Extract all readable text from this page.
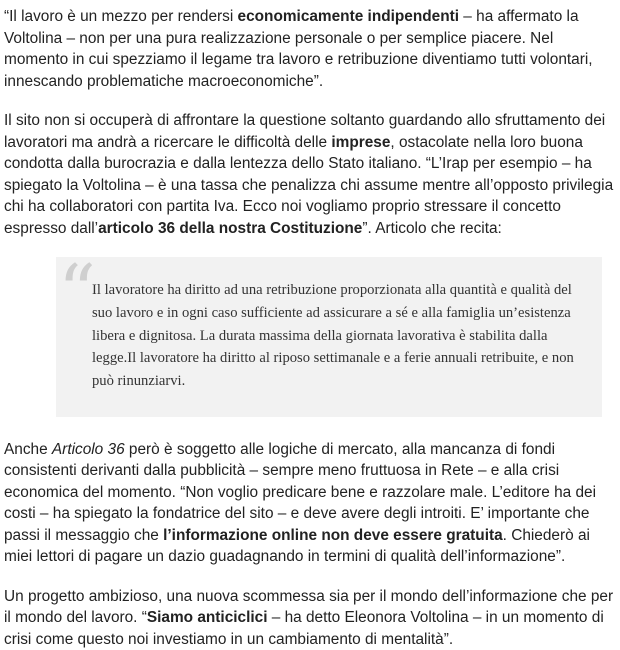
“Il lavoro è un mezzo per rendersi economicamente indipendenti – ha affermato la Voltolina – non per una pura realizzazione personale o per semplice piacere. Nel momento in cui spezziamo il legame tra lavoro e retribuzione diventiamo tutti volontari, innescando problematiche macroeconomiche”.

Il sito non si occuperà di affrontare la questione soltanto guardando allo sfruttamento dei lavoratori ma andrà a ricercare le difficoltà delle imprese, ostacolate nella loro buona condotta dalla burocrazia e dalla lentezza dello Stato italiano. “L’Irap per esempio – ha spiegato la Voltolina – è una tassa che penalizza chi assume mentre all’opposto privilegia chi ha collaboratori con partita Iva. Ecco noi vogliamo proprio stressare il concetto espresso dall’articolo 36 della nostra Costituzione”. Articolo che recita:

“

Il lavoratore ha diritto ad una retribuzione proporzionata alla quantità e qualità del suo lavoro e in ogni caso sufficiente ad assicurare a sé e alla famiglia un’esistenza libera e dignitosa. La durata massima della giornata lavorativa è stabilita dalla legge.Il lavoratore ha diritto al riposo settimanale e a ferie annuali retribuite, e non può rinunziarvi.

Anche Articolo 36 però è soggetto alle logiche di mercato, alla mancanza di fondi consistenti derivanti dalla pubblicità – sempre meno fruttuosa in Rete – e alla crisi economica del momento. “Non voglio predicare bene e razzolare male. L’editore ha dei costi – ha spiegato la fondatrice del sito – e deve avere degli introiti. E’ importante che passi il messaggio che l’informazione online non deve essere gratuita. Chiederò ai miei lettori di pagare un dazio guadagnando in termini di qualità dell’informazione”.

Un progetto ambizioso, una nuova scommessa sia per il mondo dell’informazione che per il mondo del lavoro. “Siamo anticiclici – ha detto Eleonora Voltolina – in un momento di crisi come questo noi investiamo in un cambiamento di mentalità”.
